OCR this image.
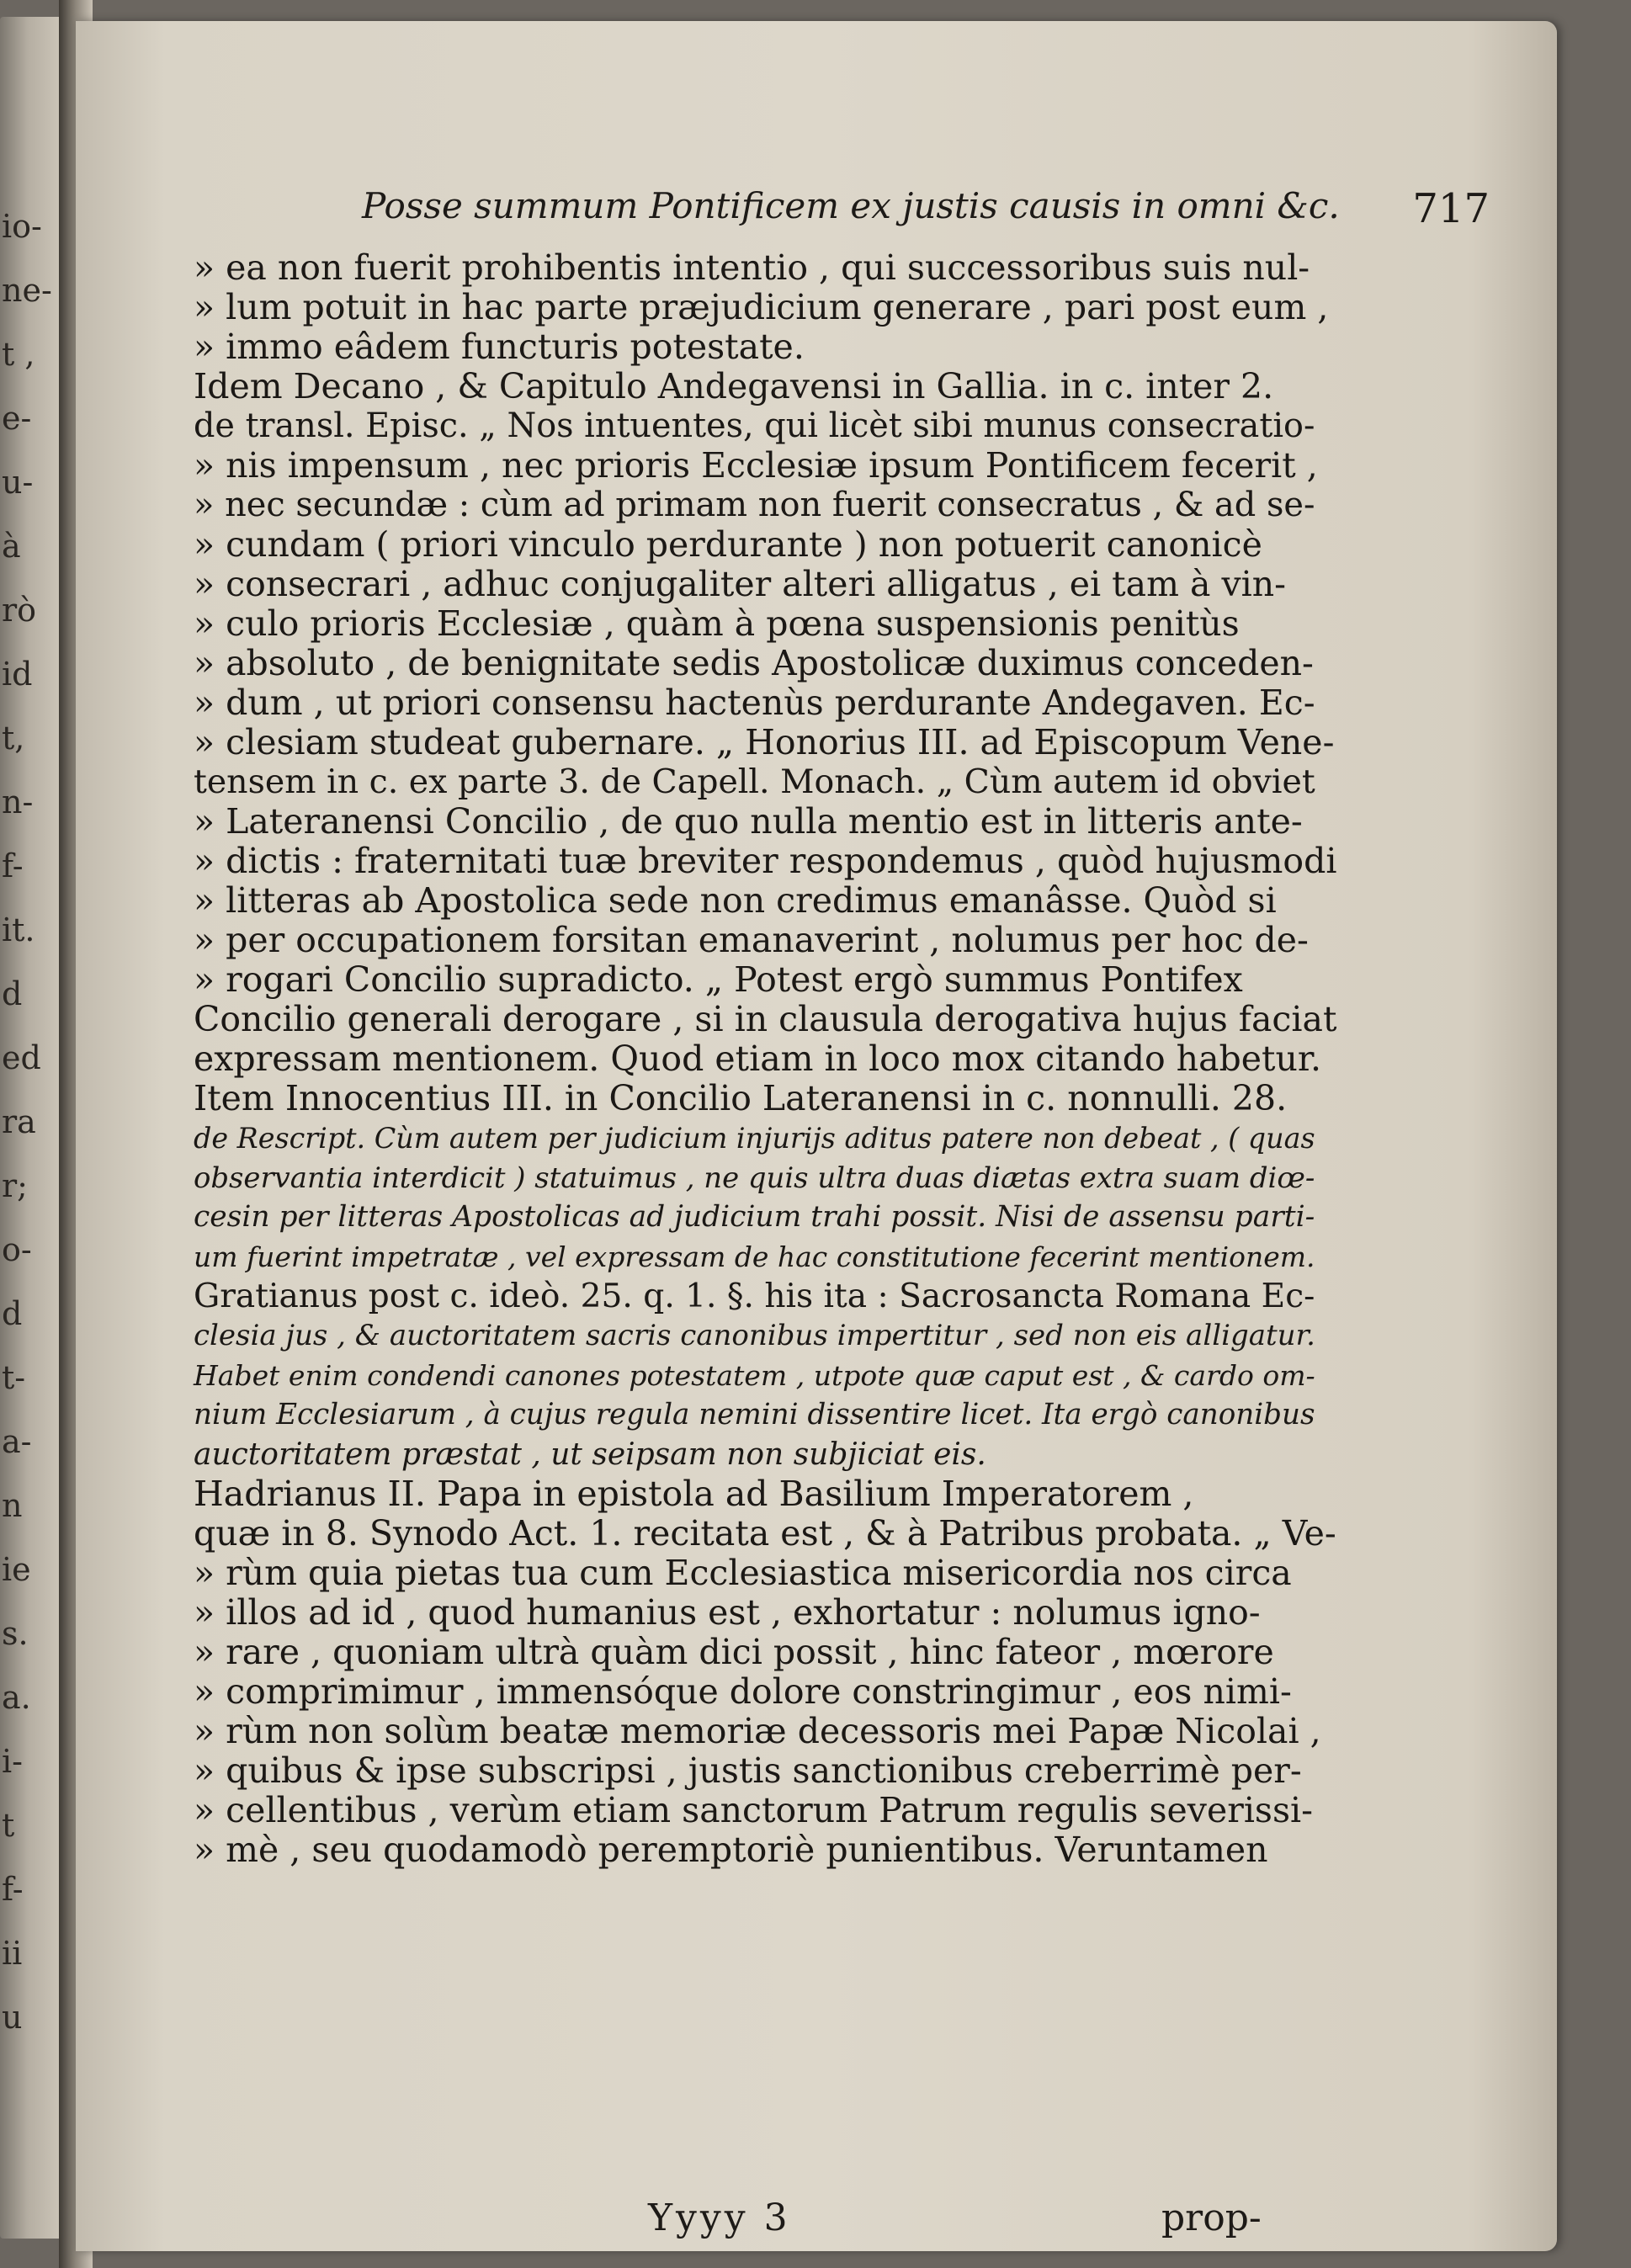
io-
ne-
t ,
e-
u-
à
rò
id
t,
n-
f-
it.
d
ed
ra
r;
o-
d
t-
a-
n
ie
s.
a.
i-
t
f-
ii
u
Posse summum Pontificem ex justis causis in omni &c. 717
» ea non fuerit prohibentis intentio , qui successoribus suis nul-
» lum potuit in hac parte præjudicium generare , pari post eum ,
» immo eâdem functuris potestate.
Idem Decano , & Capitulo Andegavensi in Gallia. in c. inter 2.
de transl. Episc. „ Nos intuentes, qui licèt sibi munus consecratio-
» nis impensum , nec prioris Ecclesiæ ipsum Pontificem fecerit ,
» nec secundæ : cùm ad primam non fuerit consecratus , & ad se-
» cundam ( priori vinculo perdurante ) non potuerit canonicè
» consecrari , adhuc conjugaliter alteri alligatus , ei tam à vin-
» culo prioris Ecclesiæ , quàm à pœna suspensionis penitùs
» absoluto , de benignitate sedis Apostolicæ duximus conceden-
» dum , ut priori consensu hactenùs perdurante Andegaven. Ec-
» clesiam studeat gubernare. „ Honorius III. ad Episcopum Vene-
tensem in c. ex parte 3. de Capell. Monach. „ Cùm autem id obviet
» Lateranensi Concilio , de quo nulla mentio est in litteris ante-
» dictis : fraternitati tuæ breviter respondemus , quòd hujusmodi
» litteras ab Apostolica sede non credimus emanâsse. Quòd si
» per occupationem forsitan emanaverint , nolumus per hoc de-
» rogari Concilio supradicto. „ Potest ergò summus Pontifex
Concilio generali derogare , si in clausula derogativa hujus faciat
expressam mentionem. Quod etiam in loco mox citando habetur.
Item Innocentius III. in Concilio Lateranensi in c. nonnulli. 28.
de Rescript. Cùm autem per judicium injurijs aditus patere non debeat , ( quas
observantia interdicit ) statuimus , ne quis ultra duas diætas extra suam diœ-
cesin per litteras Apostolicas ad judicium trahi possit. Nisi de assensu parti-
um fuerint impetratæ , vel expressam de hac constitutione fecerint mentionem.
Gratianus post c. ideò. 25. q. 1. §. his ita : Sacrosancta Romana Ec-
clesia jus , & auctoritatem sacris canonibus impertitur , sed non eis alligatur.
Habet enim condendi canones potestatem , utpote quæ caput est , & cardo om-
nium Ecclesiarum , à cujus regula nemini dissentire licet. Ita ergò canonibus
auctoritatem præstat , ut seipsam non subjiciat eis.
Hadrianus II. Papa in epistola ad Basilium Imperatorem ,
quæ in 8. Synodo Act. 1. recitata est , & à Patribus probata. „ Ve-
» rùm quia pietas tua cum Ecclesiastica misericordia nos circa
» illos ad id , quod humanius est , exhortatur : nolumus igno-
» rare , quoniam ultrà quàm dici possit , hinc fateor , mœrore
» comprimimur , immensóque dolore constringimur , eos nimi-
» rùm non solùm beatæ memoriæ decessoris mei Papæ Nicolai ,
» quibus & ipse subscripsi , justis sanctionibus creberrimè per-
» cellentibus , verùm etiam sanctorum Patrum regulis severissi-
» mè , seu quodamodò peremptoriè punientibus. Veruntamen
Yyyy 3	prop-
